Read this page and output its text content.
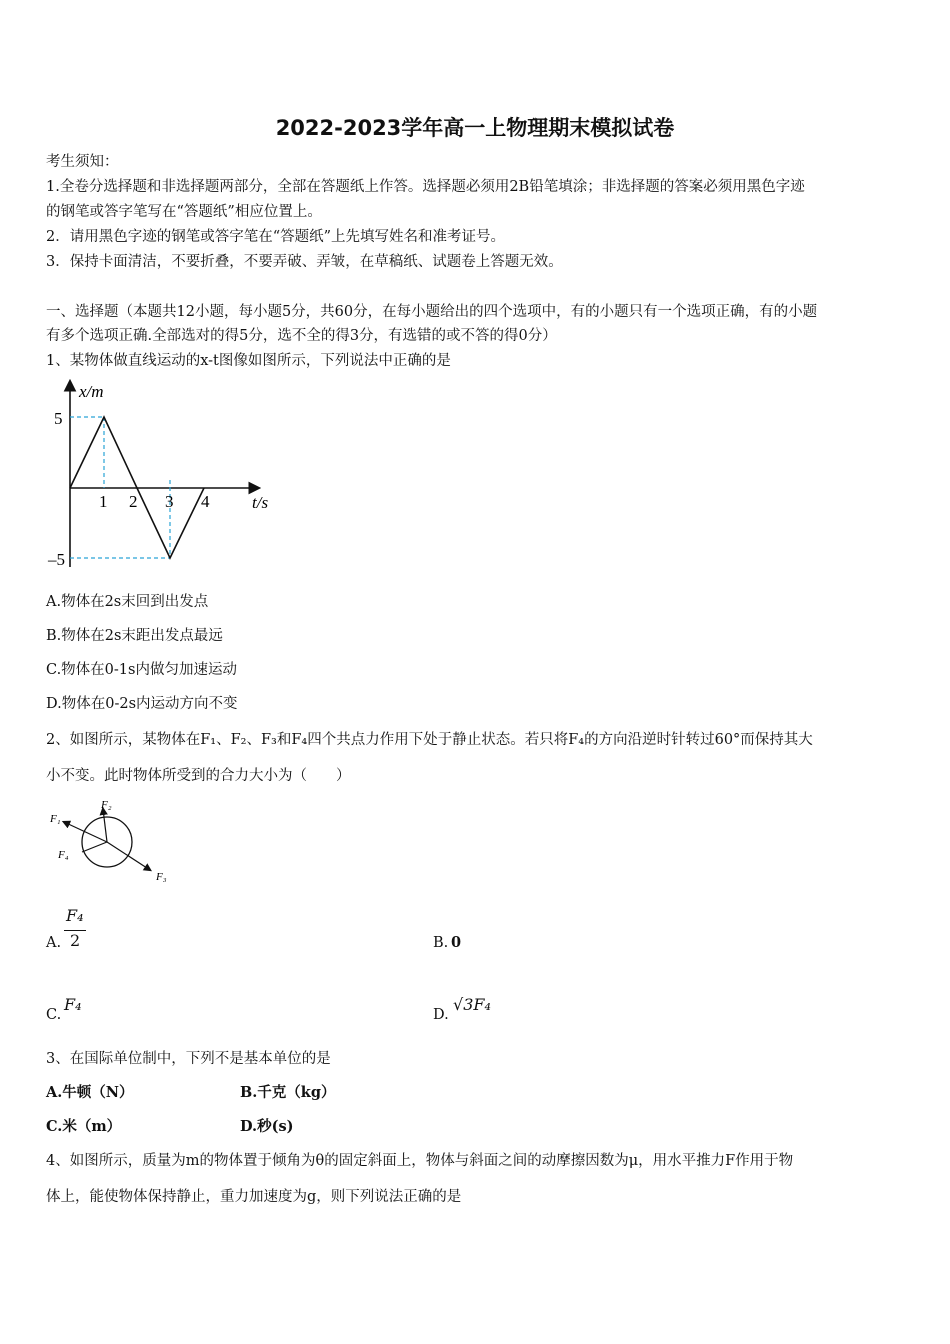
2022-2023学年高一上物理期末模拟试卷
考生须知：
1.全卷分选择题和非选择题两部分，全部在答题纸上作答。选择题必须用2B铅笔填涂；非选择题的答案必须用黑色字迹
的钢笔或答字笔写在“答题纸”相应位置上。
2．请用黑色字迹的钢笔或答字笔在“答题纸”上先填写姓名和准考证号。
3．保持卡面清洁，不要折叠，不要弄破、弄皱，在草稿纸、试题卷上答题无效。
一、选择题（本题共12小题，每小题5分，共60分，在每小题给出的四个选项中，有的小题只有一个选项正确，有的小题
有多个选项正确.全部选对的得5分，选不全的得3分，有选错的或不答的得0分）
1、某物体做直线运动的x-t图像如图所示，下列说法中正确的是
x/m
t/s
5
–5
1 2 3 4
A.物体在2s末回到出发点
B.物体在2s末距出发点最远
C.物体在0-1s内做匀加速运动
D.物体在0-2s内运动方向不变
2、如图所示，某物体在F₁、F₂、F₃和F₄四个共点力作用下处于静止状态。若只将F₄的方向沿逆时针转过60°而保持其大
小不变。此时物体所受到的合力大小为（　　）
F₁
F₂
F₃
F₄
A.
F₄
2	B. 0
C.
F₄
D.
√3F₄
3、在国际单位制中，下列不是基本单位的是
A.牛顿（N）	B.千克（kg）
C.米（m）	D.秒(s)
4、如图所示，质量为m的物体置于倾角为θ的固定斜面上，物体与斜面之间的动摩擦因数为μ，用水平推力F作用于物
体上，能使物体保持静止，重力加速度为g，则下列说法正确的是
